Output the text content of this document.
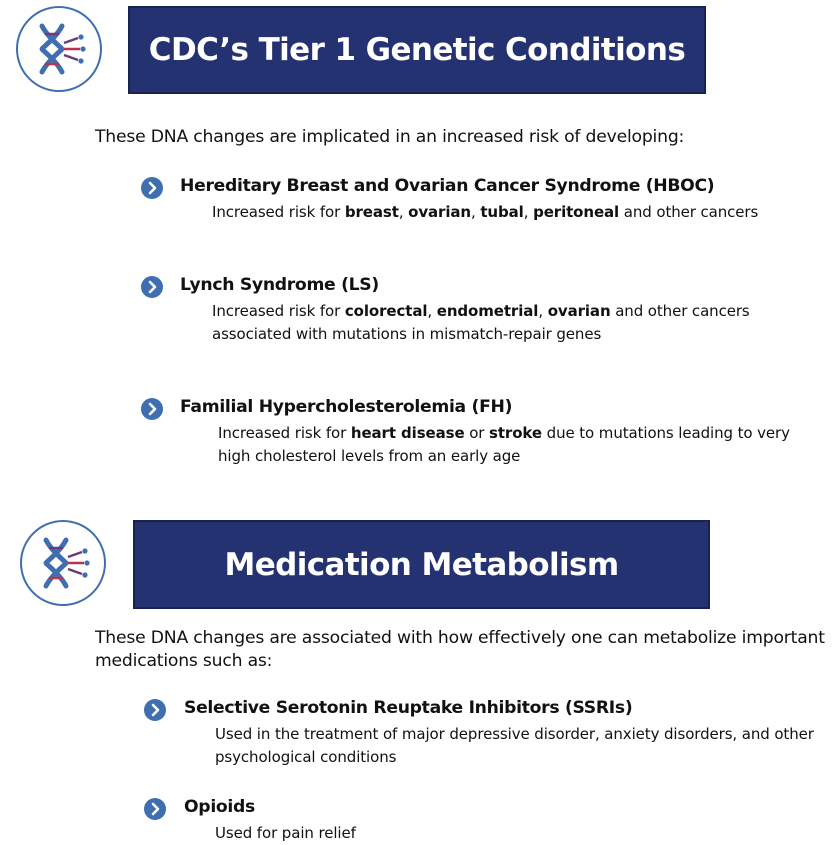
CDC’s Tier 1 Genetic Conditions
These DNA changes are implicated in an increased risk of developing:
Hereditary Breast and Ovarian Cancer Syndrome (HBOC)
Increased risk for breast, ovarian, tubal, peritoneal and other cancers
Lynch Syndrome (LS)
Increased risk for colorectal, endometrial, ovarian and other cancers associated with mutations in mismatch-repair genes
Familial Hypercholesterolemia (FH)
Increased risk for heart disease or stroke due to mutations leading to very high cholesterol levels from an early age
Medication Metabolism
These DNA changes are associated with how effectively one can metabolize important medications such as:
Selective Serotonin Reuptake Inhibitors (SSRIs)
Used in the treatment of major depressive disorder, anxiety disorders, and other psychological conditions
Opioids
Used for pain relief
